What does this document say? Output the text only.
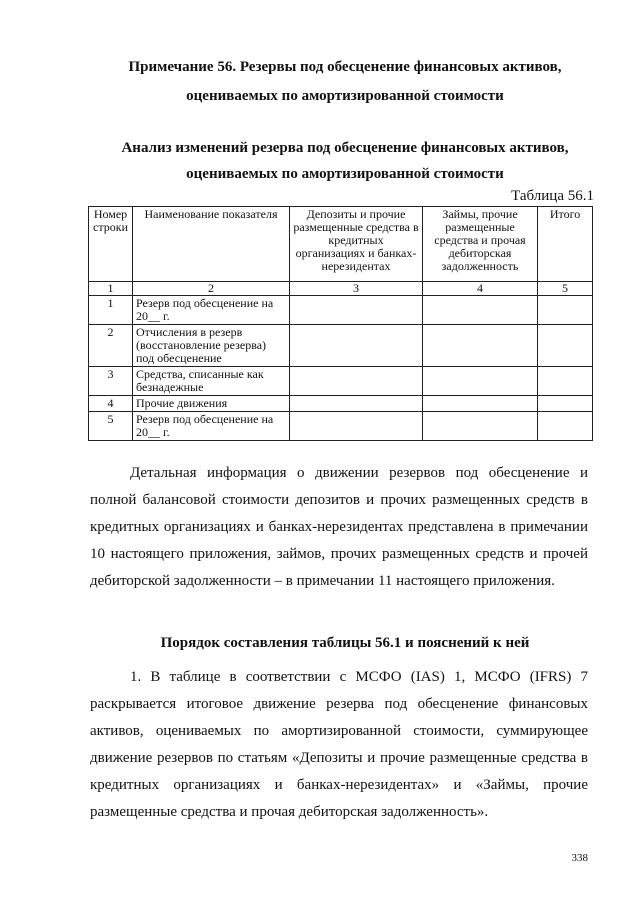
Примечание 56. Резервы под обесценение финансовых активов,
оцениваемых по амортизированной стоимости
Анализ изменений резерва под обесценение финансовых активов,
оцениваемых по амортизированной стоимости
Таблица 56.1
Номер строки	Наименование показателя	Депозиты и прочие размещенные средства в кредитных организациях и банках-нерезидентах	Займы, прочие размещенные средства и прочая дебиторская задолженность	Итого
1	2	3	4	5
1	Резерв под обесценение на 20__ г.			
2	Отчисления в резерв (восстановление резерва) под обесценение			
3	Средства, списанные как безнадежные			
4	Прочие движения			
5	Резерв под обесценение на 20__ г.			
Детальная информация о движении резервов под обесценение и полной балансовой стоимости депозитов и прочих размещенных средств в кредитных организациях и банках-нерезидентах представлена в примечании 10 настоящего приложения, займов, прочих размещенных средств и прочей дебиторской задолженности – в примечании 11 настоящего приложения.
Порядок составления таблицы 56.1 и пояснений к ней
1. В таблице в соответствии с МСФО (IAS) 1, МСФО (IFRS) 7 раскрывается итоговое движение резерва под обесценение финансовых активов, оцениваемых по амортизированной стоимости, суммирующее движение резервов по статьям «Депозиты и прочие размещенные средства в кредитных организациях и банках-нерезидентах» и «Займы, прочие размещенные средства и прочая дебиторская задолженность».
338
